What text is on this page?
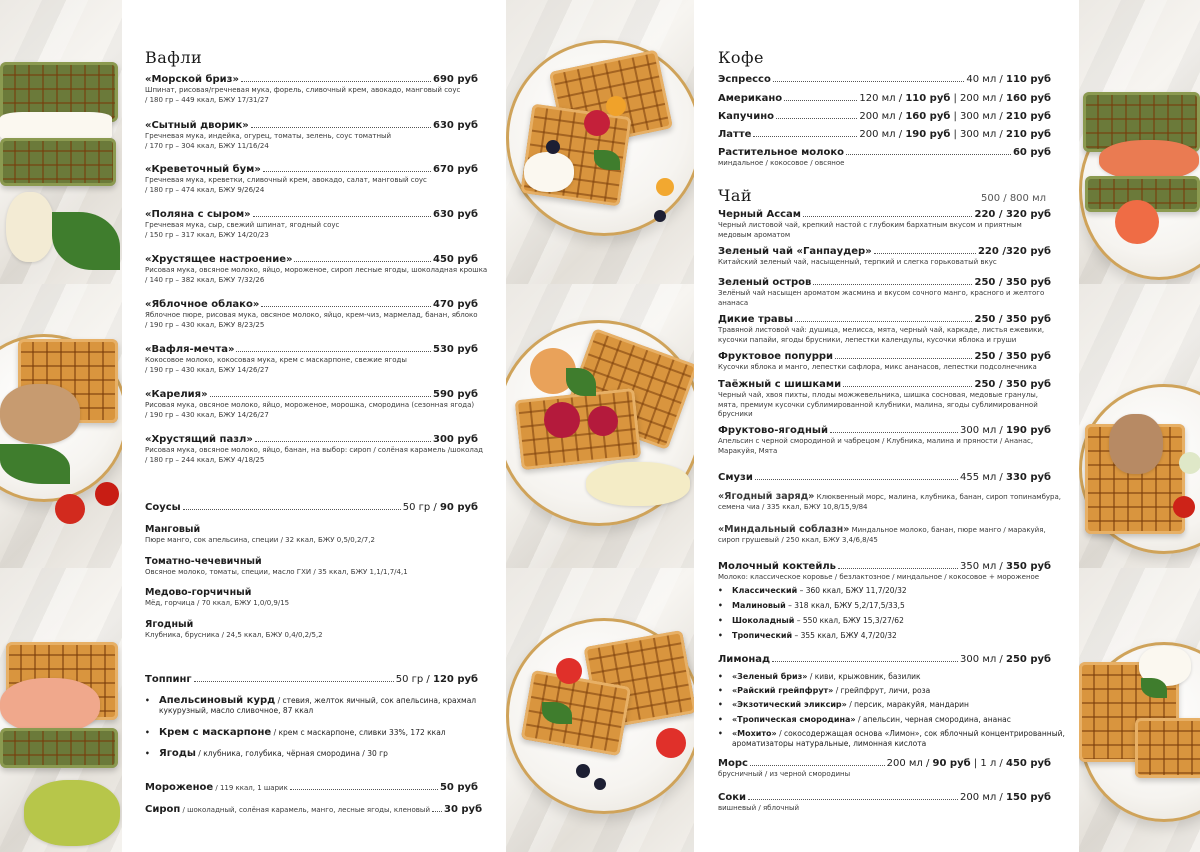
Вафли
«Морской бриз»	690 руб
Шпинат, рисовая/гречневая мука, форель, сливочный крем, авокадо, манговый соус
/ 180 гр – 449 ккал, БЖУ 17/31/27
«Сытный дворик»	630 руб
Гречневая мука, индейка, огурец, томаты, зелень, соус томатный
/ 170 гр – 304 ккал, БЖУ 11/16/24
«Креветочный бум»	670 руб
Гречневая мука, креветки, сливочный крем, авокадо, салат, манговый соус
/ 180 гр – 474 ккал, БЖУ 9/26/24
«Поляна с сыром»	630 руб
Гречневая мука, сыр, свежий шпинат, ягодный соус
/ 150 гр – 317 ккал, БЖУ 14/20/23
«Хрустящее настроение»	450 руб
Рисовая мука, овсяное молоко, яйцо, мороженое, сироп лесные ягоды, шоколадная крошка
/ 140 гр – 382 ккал, БЖУ 7/32/26
«Яблочное облако»	470 руб
Яблочное пюре, рисовая мука, овсяное молоко, яйцо, крем-чиз, мармелад, банан, яблоко
/ 190 гр – 430 ккал, БЖУ 8/23/25
«Вафля-мечта»	530 руб
Кокосовое молоко, кокосовая мука, крем с маскарпоне, свежие ягоды
/ 190 гр – 430 ккал, БЖУ 14/26/27
«Карелия»	590 руб
Рисовая мука, овсяное молоко, яйцо, мороженое, морошка, смородина (сезонная ягода)
/ 190 гр – 430 ккал, БЖУ 14/26/27
«Хрустящий пазл»	300 руб
Рисовая мука, овсяное молоко, яйцо, банан, на выбор: сироп / солёная карамель /шоколад
/ 180 гр – 244 ккал, БЖУ 4/18/25
Соусы	50 гр / 90 руб
Манговый
Пюре манго, сок апельсина, специи / 32 ккал, БЖУ 0,5/0,2/7,2
Томатно-чечевичный
Овсяное молоко, томаты, специи, масло ГХИ / 35 ккал, БЖУ 1,1/1,7/4,1
Медово-горчичный
Мёд, горчица / 70 ккал, БЖУ 1,0/0,9/15
Ягодный
Клубника, брусника / 24,5 ккал, БЖУ 0,4/0,2/5,2
Топпинг	50 гр / 120 руб
• Апельсиновый курд / стевия, желток яичный, сок апельсина, крахмал
кукурузный, масло сливочное, 87 ккал
• Крем с маскарпоне / крем с маскарпоне, сливки 33%, 172 ккал
• Ягоды / клубника, голубика, чёрная смородина / 30 гр
Мороженое / 119 ккал, 1 шарик	50 руб
Сироп / шоколадный, солёная карамель, манго, лесные ягоды, кленовый 30 руб
Кофе
Эспрессо	40 мл / 110 руб
Американо	120 мл / 110 руб | 200 мл / 160 руб
Капучино	200 мл / 160 руб | 300 мл / 210 руб
Латте	200 мл / 190 руб | 300 мл / 210 руб
Растительное молоко	60 руб
миндальное / кокосовое / овсяное
Чай	500 / 800 мл
Черный Ассам	220 / 320 руб
Черный листовой чай, крепкий настой с глубоким бархатным вкусом и приятным
медовым ароматом
Зеленый чай «Ганпаудер»	220 /320 руб
Китайский зеленый чай, насыщенный, терпкий и слегка горьковатый вкус
Зеленый остров	250 / 350 руб
Зелёный чай насыщен ароматом жасмина и вкусом сочного манго, красного и желтого
ананаса
Дикие травы	250 / 350 руб
Травяной листовой чай: душица, мелисса, мята, черный чай, каркаде, листья ежевики,
кусочки папайи, ягоды брусники, лепестки календулы, кусочки яблока и груши
Фруктовое попурри	250 / 350 руб
Кусочки яблока и манго, лепестки сафлора, микс ананасов, лепестки подсолнечника
Таёжный с шишками	250 / 350 руб
Черный чай, хвоя пихты, плоды можжевельника, шишка сосновая, медовые гранулы,
мята, премиум кусочки сублимированной клубники, малина, ягоды сублимированной
брусники
Фруктово-ягодный	300 мл / 190 руб
Апельсин с черной смородиной и чабрецом / Клубника, малина и пряности / Ананас,
Маракуйя, Мята
Смузи	455 мл / 330 руб
«Ягодный заряд» Клюквенный морс, малина, клубника, банан, сироп топинамбура,
семена чиа / 335 ккал, БЖУ 10,8/15,9/84
«Миндальный соблазн» Миндальное молоко, банан, пюре манго / маракуйя,
сироп грушевый / 250 ккал, БЖУ 3,4/6,8/45
Молочный коктейль	350 мл / 350 руб
Молоко: классическое коровье / безлактозное / миндальное / кокосовое + мороженое
• Классический – 360 ккал, БЖУ 11,7/20/32
• Малиновый – 318 ккал, БЖУ 5,2/17,5/33,5
• Шоколадный – 550 ккал, БЖУ 15,3/27/62
• Тропический – 355 ккал, БЖУ 4,7/20/32
Лимонад	300 мл / 250 руб
• «Зеленый бриз» / киви, крыжовник, базилик
• «Райский грейпфрут» / грейпфрут, личи, роза
• «Экзотический эликсир» / персик, маракуйя, мандарин
• «Тропическая смородина» / апельсин, черная смородина, ананас
• «Мохито» / сокосодержащая основа «Лимон», сок яблочный концентрированный,
ароматизаторы натуральные, лимонная кислота
Морс	200 мл / 90 руб | 1 л / 450 руб
брусничный / из черной смородины
Соки	200 мл / 150 руб
вишневый / яблочный
